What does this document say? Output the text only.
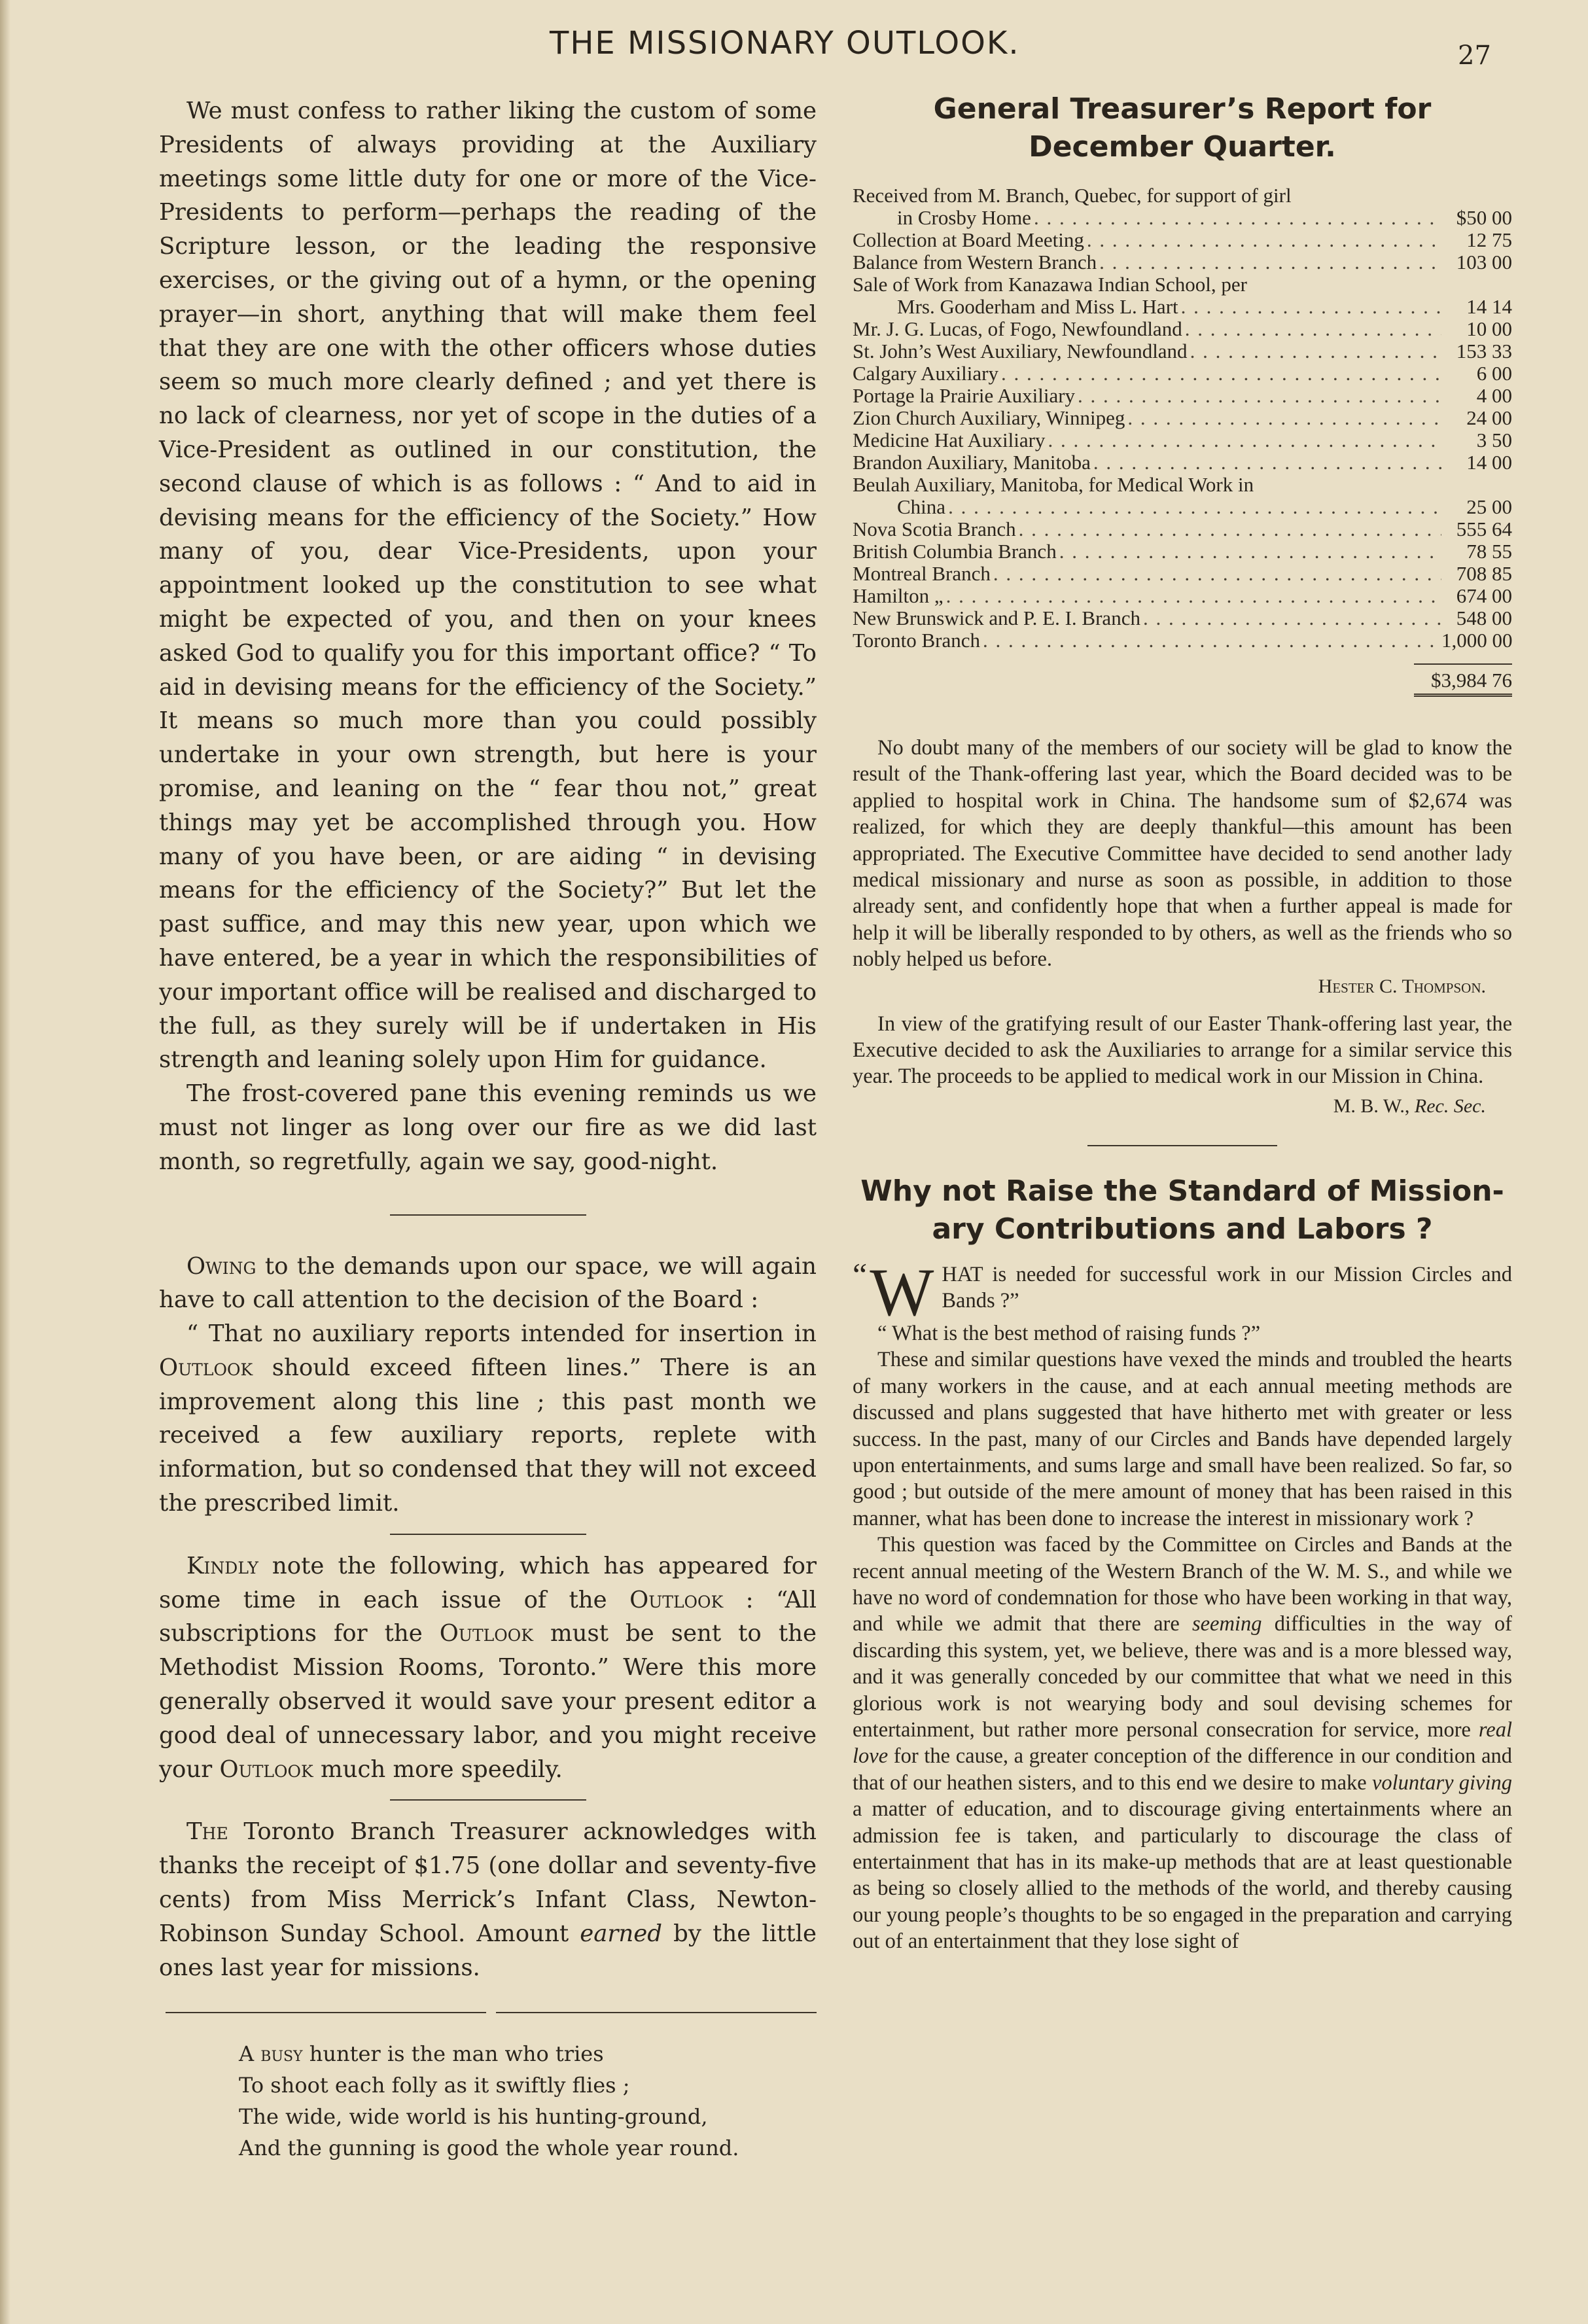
THE MISSIONARY OUTLOOK.	27

We must confess to rather liking the custom of some Presidents of always providing at the Auxiliary meetings some little duty for one or more of the Vice-Presidents to perform—perhaps the reading of the Scripture lesson, or the leading the responsive exercises, or the giving out of a hymn, or the opening prayer—in short, anything that will make them feel that they are one with the other officers whose duties seem so much more clearly defined ; and yet there is no lack of clearness, nor yet of scope in the duties of a Vice-President as outlined in our constitution, the second clause of which is as follows : “ And to aid in devising means for the efficiency of the Society.” How many of you, dear Vice-Presidents, upon your appointment looked up the constitution to see what might be expected of you, and then on your knees asked God to qualify you for this important office? “ To aid in devising means for the efficiency of the Society.” It means so much more than you could possibly undertake in your own strength, but here is your promise, and leaning on the “ fear thou not,” great things may yet be accomplished through you. How many of you have been, or are aiding “ in devising means for the efficiency of the Society?” But let the past suffice, and may this new year, upon which we have entered, be a year in which the responsibilities of your important office will be realised and discharged to the full, as they surely will be if undertaken in His strength and leaning solely upon Him for guidance.

The frost-covered pane this evening reminds us we must not linger as long over our fire as we did last month, so regretfully, again we say, good-night.

Owing to the demands upon our space, we will again have to call attention to the decision of the Board :

“ That no auxiliary reports intended for insertion in Outlook should exceed fifteen lines.” There is an improvement along this line ; this past month we received a few auxiliary reports, replete with information, but so condensed that they will not exceed the prescribed limit.

Kindly note the following, which has appeared for some time in each issue of the Outlook : “All subscriptions for the Outlook must be sent to the Methodist Mission Rooms, Toronto.” Were this more generally observed it would save your present editor a good deal of unnecessary labor, and you might receive your Outlook much more speedily.

The Toronto Branch Treasurer acknowledges with thanks the receipt of $1.75 (one dollar and seventy-five cents) from Miss Merrick’s Infant Class, Newton-Robinson Sunday School. Amount earned by the little ones last year for missions.

A busy hunter is the man who tries

To shoot each folly as it swiftly flies ;

The wide, wide world is his hunting-ground,

And the gunning is good the whole year round.

General Treasurer’s Report for

December Quarter.

Received from M. Branch, Quebec, for support of girl
in Crosby Home . . .	$50 00
Collection at Board Meeting . . .	12 75
Balance from Western Branch . . .	103 00
Sale of Work from Kanazawa Indian School, per
Mrs. Gooderham and Miss L. Hart . . .	14 14
Mr. J. G. Lucas, of Fogo, Newfoundland . . .	10 00
St. John’s West Auxiliary, Newfoundland . . .	153 33
Calgary Auxiliary . . .	6 00
Portage la Prairie Auxiliary . . .	4 00
Zion Church Auxiliary, Winnipeg . . .	24 00
Medicine Hat Auxiliary . . .	3 50
Brandon Auxiliary, Manitoba . . .	14 00
Beulah Auxiliary, Manitoba, for Medical Work in
China . . .	25 00
Nova Scotia Branch . . .	555 64
British Columbia Branch . . .	78 55
Montreal Branch . . .	708 85
Hamilton „ . . .	674 00
New Brunswick and P. E. I. Branch . . .	548 00
Toronto Branch . . .	1,000 00
$3,984 76

No doubt many of the members of our society will be glad to know the result of the Thank-offering last year, which the Board decided was to be applied to hospital work in China. The handsome sum of $2,674 was realized, for which they are deeply thankful—this amount has been appropriated. The Executive Committee have decided to send another lady medical missionary and nurse as soon as possible, in addition to those already sent, and confidently hope that when a further appeal is made for help it will be liberally responded to by others, as well as the friends who so nobly helped us before.

Hester C. Thompson.

In view of the gratifying result of our Easter Thank-offering last year, the Executive decided to ask the Auxiliaries to arrange for a similar service this year. The proceeds to be applied to medical work in our Mission in China.

M. B. W., Rec. Sec.

Why not Raise the Standard of Mission-

ary Contributions and Labors ?

“ W HAT is needed for successful work in our Mission Circles and Bands ?”

“ What is the best method of raising funds ?”

These and similar questions have vexed the minds and troubled the hearts of many workers in the cause, and at each annual meeting methods are discussed and plans suggested that have hitherto met with greater or less success. In the past, many of our Circles and Bands have depended largely upon entertainments, and sums large and small have been realized. So far, so good ; but outside of the mere amount of money that has been raised in this manner, what has been done to increase the interest in missionary work ?

This question was faced by the Committee on Circles and Bands at the recent annual meeting of the Western Branch of the W. M. S., and while we have no word of condemnation for those who have been working in that way, and while we admit that there are seeming difficulties in the way of discarding this system, yet, we believe, there was and is a more blessed way, and it was generally conceded by our committee that what we need in this glorious work is not wearying body and soul devising schemes for entertainment, but rather more personal consecration for service, more real love for the cause, a greater conception of the difference in our condition and that of our heathen sisters, and to this end we desire to make voluntary giving a matter of education, and to discourage giving entertainments where an admission fee is taken, and particularly to discourage the class of entertainment that has in its make-up methods that are at least questionable as being so closely allied to the methods of the world, and thereby causing our young people’s thoughts to be so engaged in the preparation and carrying out of an entertainment that they lose sight of
